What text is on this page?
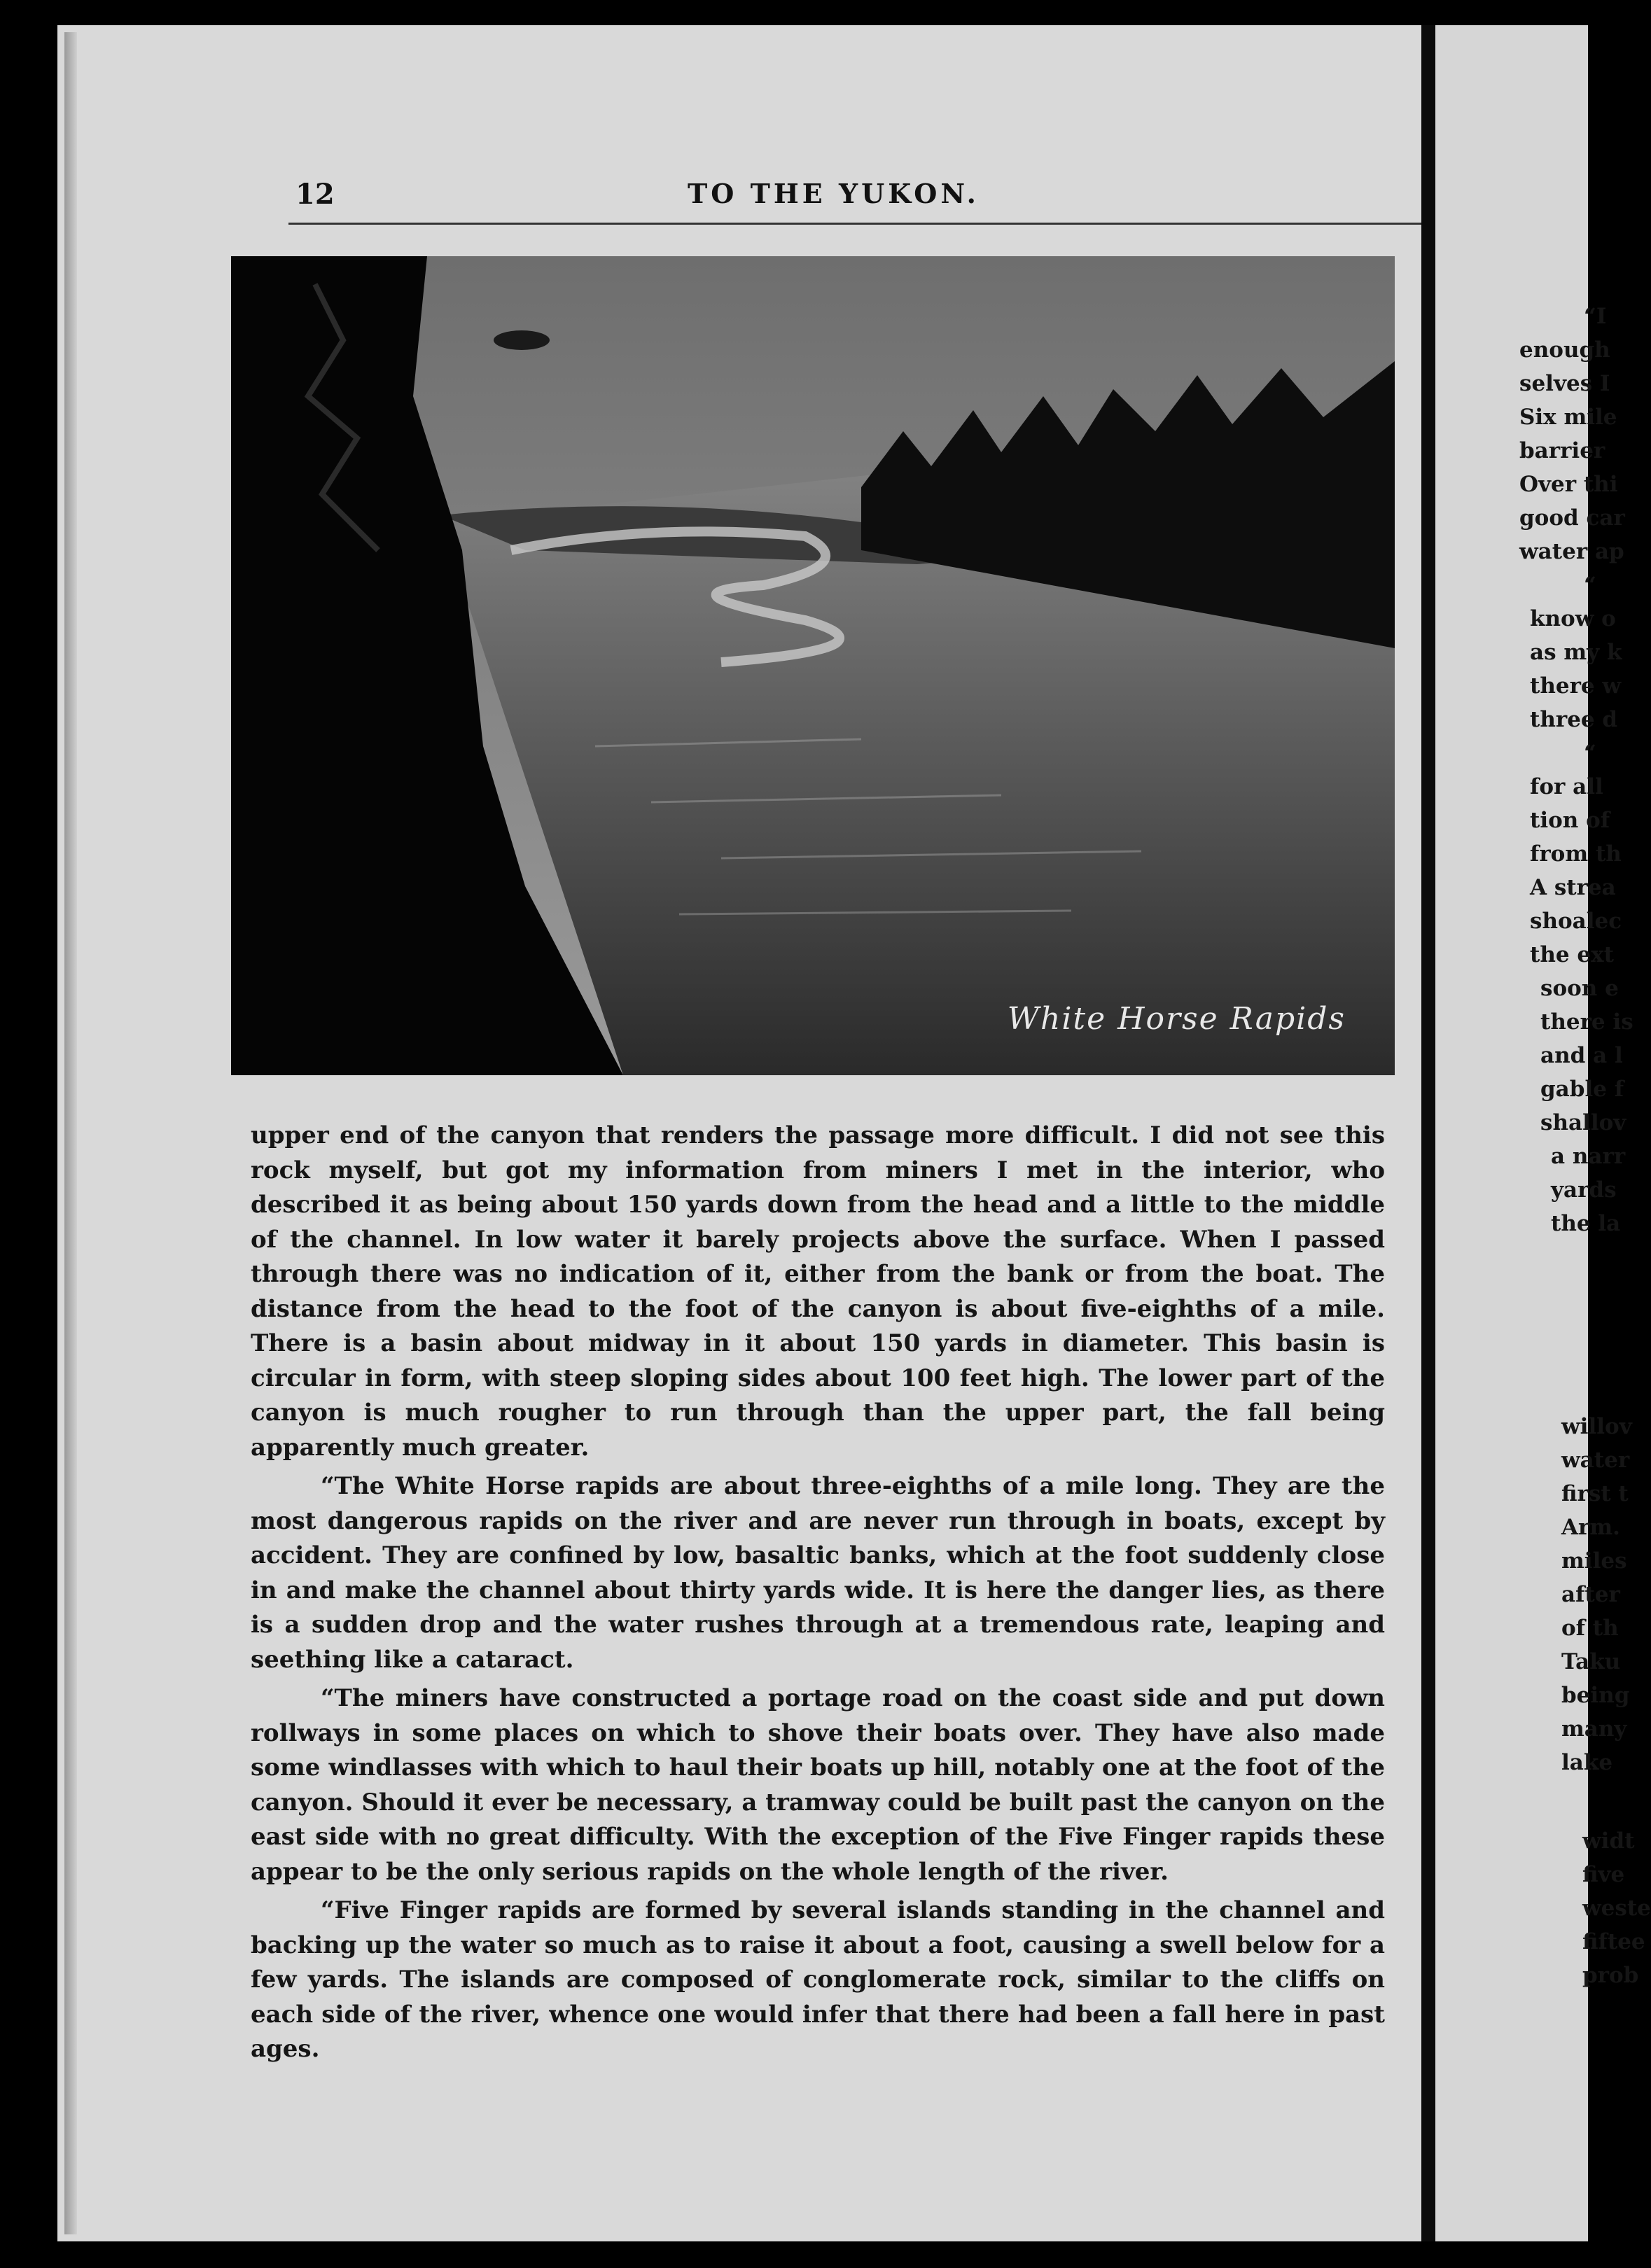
12	TO THE YUKON.
White Horse Rapids

upper end of the canyon that renders the passage more difficult. I did not see this rock myself, but got my information from miners I met in the interior, who described it as being about 150 yards down from the head and a little to the middle of the channel. In low water it barely projects above the surface. When I passed through there was no indication of it, either from the bank or from the boat. The distance from the head to the foot of the canyon is about five-eighths of a mile. There is a basin about midway in it about 150 yards in diameter. This basin is circular in form, with steep sloping sides about 100 feet high. The lower part of the canyon is much rougher to run through than the upper part, the fall being apparently much greater.

“The White Horse rapids are about three-eighths of a mile long. They are the most dangerous rapids on the river and are never run through in boats, except by accident. They are confined by low, basaltic banks, which at the foot suddenly close in and make the channel about thirty yards wide. It is here the danger lies, as there is a sudden drop and the water rushes through at a tremendous rate, leaping and seething like a cataract.

“The miners have constructed a portage road on the coast side and put down rollways in some places on which to shove their boats over. They have also made some windlasses with which to haul their boats up hill, notably one at the foot of the canyon. Should it ever be necessary, a tramway could be built past the canyon on the east side with no great difficulty. With the exception of the Five Finger rapids these appear to be the only serious rapids on the whole length of the river.

“Five Finger rapids are formed by several islands standing in the channel and backing up the water so much as to raise it about a foot, causing a swell below for a few yards. The islands are composed of conglomerate rock, similar to the cliffs on each side of the river, whence one would infer that there had been a fall here in past ages.

“I
enough
selves I
Six mile
barrier
Over thi
good car
water ap
“
know o
as my k
there w
three d
“
for all
tion of
from th
A strea
shoalec
the ext
soon e
there is
and a l
gable f
shallov
a narr
yards
the la
willov
water
first t
Arm.
miles
after
of th
Taku
being
many
lake
widt
five
weste
fiftee
prob
